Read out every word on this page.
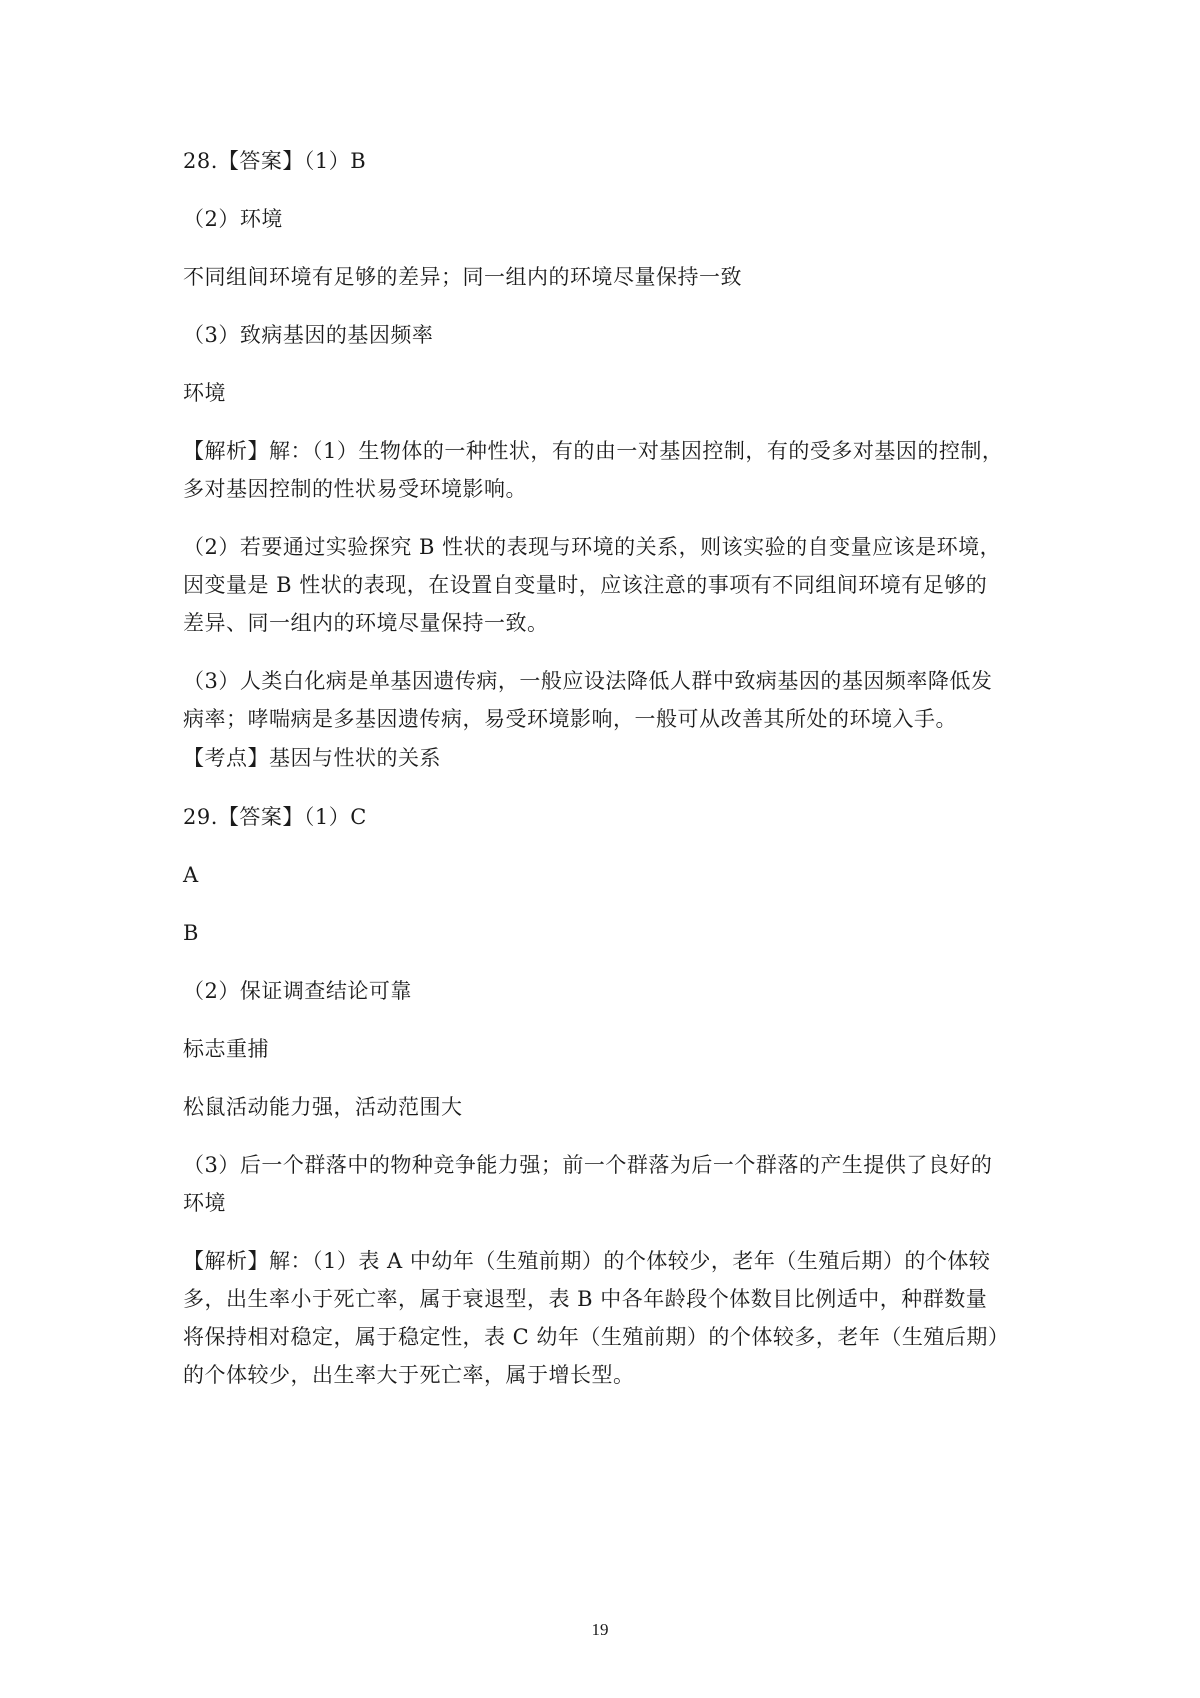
28.【答案】（1）B
（2）环境
不同组间环境有足够的差异；同一组内的环境尽量保持一致
（3）致病基因的基因频率
环境
【解析】解：（1）生物体的一种性状，有的由一对基因控制，有的受多对基因的控制，
多对基因控制的性状易受环境影响。
（2）若要通过实验探究 B 性状的表现与环境的关系，则该实验的自变量应该是环境，
因变量是 B 性状的表现，在设置自变量时，应该注意的事项有不同组间环境有足够的
差异、同一组内的环境尽量保持一致。
（3）人类白化病是单基因遗传病，一般应设法降低人群中致病基因的基因频率降低发
病率；哮喘病是多基因遗传病，易受环境影响，一般可从改善其所处的环境入手。
【考点】基因与性状的关系
29.【答案】（1）C
A
B
（2）保证调查结论可靠
标志重捕
松鼠活动能力强，活动范围大
（3）后一个群落中的物种竞争能力强；前一个群落为后一个群落的产生提供了良好的
环境
【解析】解：（1）表 A 中幼年（生殖前期）的个体较少，老年（生殖后期）的个体较
多，出生率小于死亡率，属于衰退型，表 B 中各年龄段个体数目比例适中，种群数量
将保持相对稳定，属于稳定性，表 C 幼年（生殖前期）的个体较多，老年（生殖后期）
的个体较少，出生率大于死亡率，属于增长型。
19
